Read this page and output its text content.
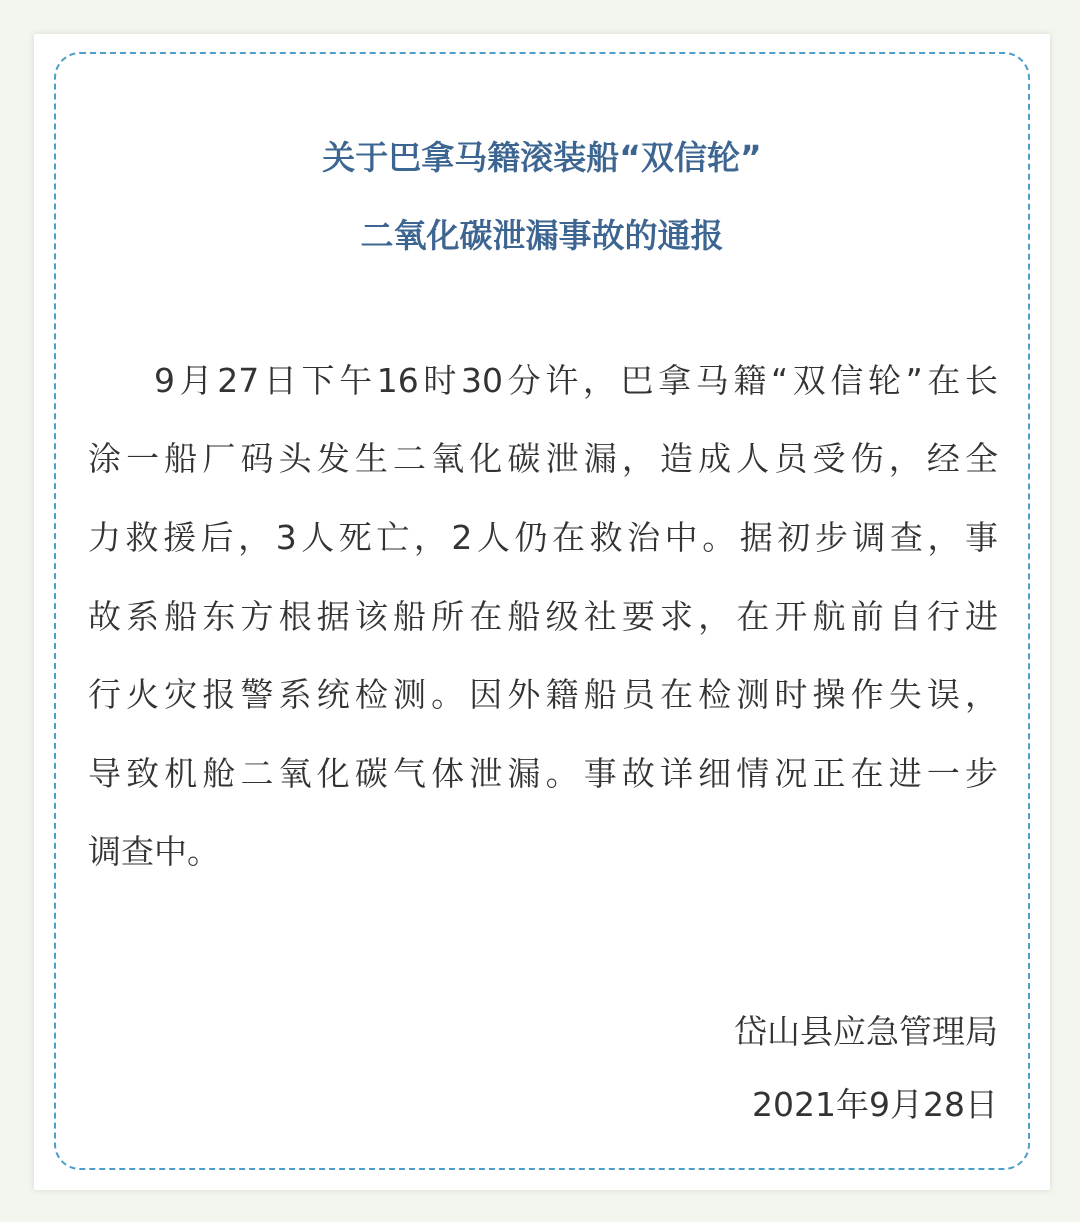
关于巴拿马籍滚装船“双信轮”
二氧化碳泄漏事故的通报

9月27日下午16时30分许，巴拿马籍“双信轮”在长

涂一船厂码头发生二氧化碳泄漏，造成人员受伤，经全

力救援后，3人死亡，2人仍在救治中。据初步调查，事

故系船东方根据该船所在船级社要求，在开航前自行进

行火灾报警系统检测。因外籍船员在检测时操作失误，

导致机舱二氧化碳气体泄漏。事故详细情况正在进一步

调查中。

岱山县应急管理局

2021年9月28日
